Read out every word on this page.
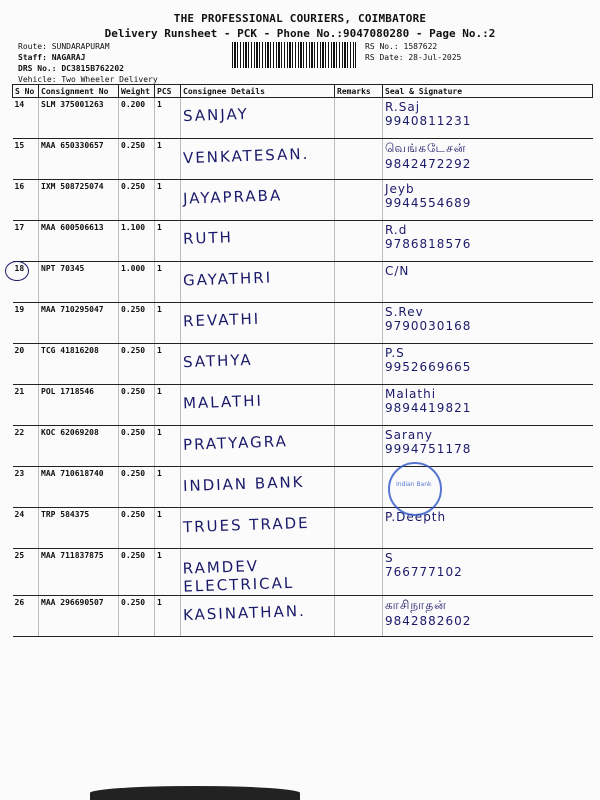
THE PROFESSIONAL COURIERS, COIMBATORE
Delivery Runsheet - PCK - Phone No.:9047080280 - Page No.:2
Route: SUNDARAPURAM
Staff: NAGARAJ
DRS No.: DC3815B762202
Vehicle: Two Wheeler Delivery
RS No.: 1587622
RS Date: 28-Jul-2025
S No	Consignment No	Weight	PCS	Consignee Details	Remarks	Seal & Signature
14	SLM 375001263	0.200	1	SANJAY		R.Saj
9940811231

15	MAA 650330657	0.250	1	VENKATESAN.		வெங்கடேசன்
9842472292

16	IXM 508725074	0.250	1	JAYAPRABA		Jeyb
9944554689

17	MAA 600506613	1.100	1	RUTH		R.d
9786818576

18	NPT 70345	1.000	1	GAYATHRI		C/N

19	MAA 710295047	0.250	1	REVATHI		S.Rev
9790030168

20	TCG 41816208	0.250	1	SATHYA		P.S
9952669665

21	POL 1718546	0.250	1	MALATHI		Malathi
9894419821

22	KOC 62069208	0.250	1	PRATYAGRA		Sarany
9994751178

23	MAA 710618740	0.250	1	INDIAN BANK		

24	TRP 584375	0.250	1	TRUES TRADE		P.Deepth

25	MAA 711837875	0.250	1	RAMDEV ELECTRICAL		S
766777102

26	MAA 296690507	0.250	1	KASINATHAN.		காசிநாதன்
9842882602
Indian Bank
